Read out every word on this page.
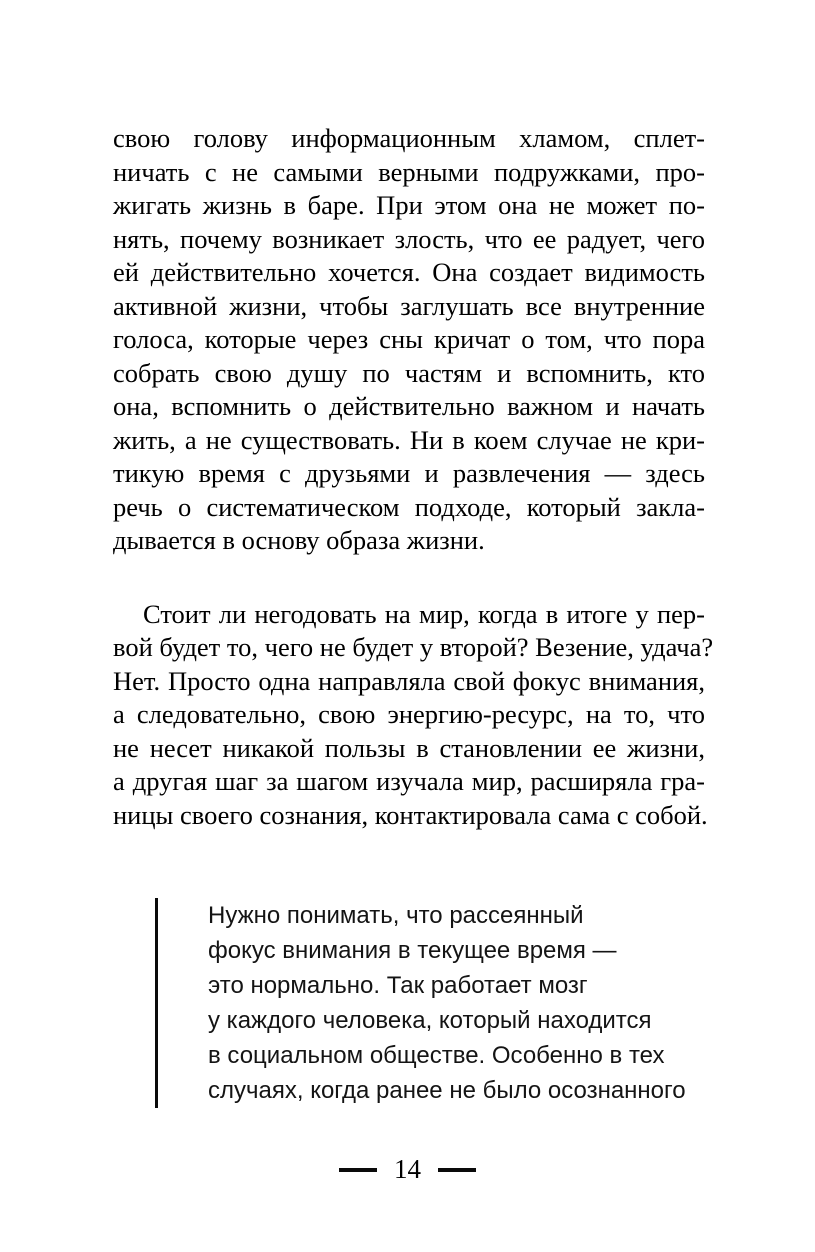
свою голову информационным хламом, сплет-
ничать с не самыми верными подружками, про-
жигать жизнь в баре. При этом она не может по-
нять, почему возникает злость, что ее радует, чего
ей действительно хочется. Она создает видимость
активной жизни, чтобы заглушать все внутренние
голоса, которые через сны кричат о том, что пора
собрать свою душу по частям и вспомнить, кто
она, вспомнить о действительно важном и начать
жить, а не существовать. Ни в коем случае не кри-
тикую время с друзьями и развлечения — здесь
речь о систематическом подходе, который закла-
дывается в основу образа жизни.
Стоит ли негодовать на мир, когда в итоге у пер-
вой будет то, чего не будет у второй? Везение, удача?
Нет. Просто одна направляла свой фокус внимания,
а следовательно, свою энергию-ресурс, на то, что
не несет никакой пользы в становлении ее жизни,
а другая шаг за шагом изучала мир, расширяла гра-
ницы своего сознания, контактировала сама с собой.
Нужно понимать, что рассеянный
фокус внимания в текущее время —
это нормально. Так работает мозг
у каждого человека, который находится
в социальном обществе. Особенно в тех
случаях, когда ранее не было осознанного
14
